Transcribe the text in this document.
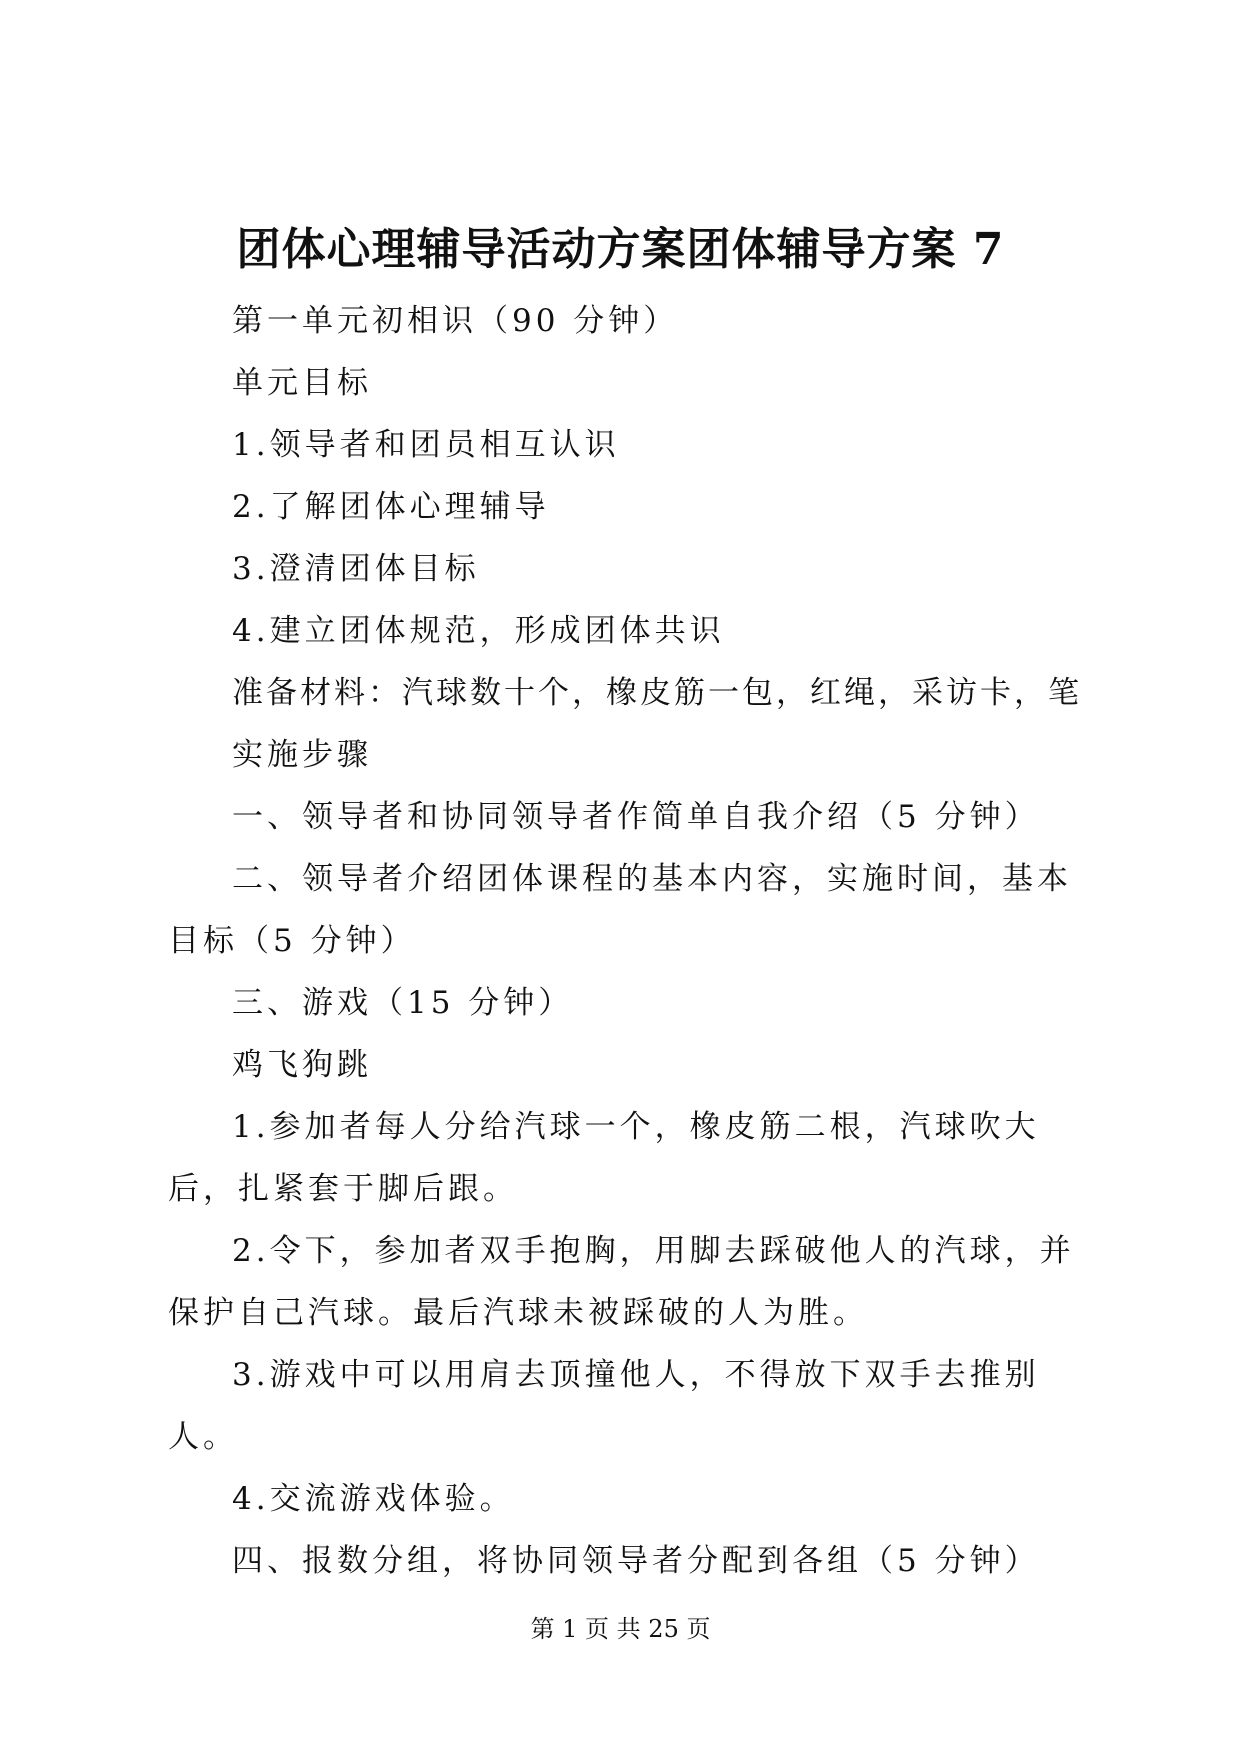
团体心理辅导活动方案团体辅导方案 7

第一单元初相识（90 分钟）

单元目标

1.领导者和团员相互认识

2.了解团体心理辅导

3.澄清团体目标

4.建立团体规范，形成团体共识

准备材料：汽球数十个，橡皮筋一包，红绳，采访卡，笔

实施步骤

一、领导者和协同领导者作简单自我介绍（5 分钟）

二、领导者介绍团体课程的基本内容，实施时间，基本目标（5 分钟）

三、游戏（15 分钟）

鸡飞狗跳

1.参加者每人分给汽球一个，橡皮筋二根，汽球吹大后，扎紧套于脚后跟。

2.令下，参加者双手抱胸，用脚去踩破他人的汽球，并保护自己汽球。最后汽球未被踩破的人为胜。

3.游戏中可以用肩去顶撞他人，不得放下双手去推别人。

4.交流游戏体验。

四、报数分组，将协同领导者分配到各组（5 分钟）

第 1 页 共 25 页
